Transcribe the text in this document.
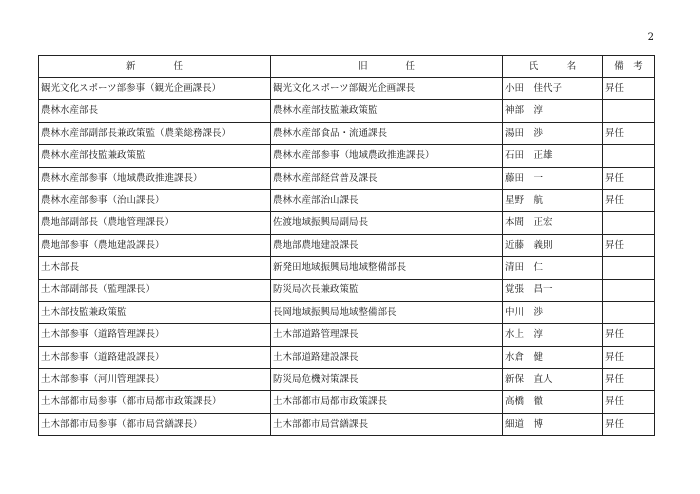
2
新　　　　任	旧　　　　任	氏　　　名	備　考
観光文化スポーツ部参事（観光企画課長）	観光文化スポーツ部観光企画課長	小田　佳代子	昇任
農林水産部長	農林水産部技監兼政策監	神部　淳	
農林水産部副部長兼政策監（農業総務課長）	農林水産部食品・流通課長	湯田　渉	昇任
農林水産部技監兼政策監	農林水産部参事（地域農政推進課長）	石田　正雄	
農林水産部参事（地域農政推進課長）	農林水産部経営普及課長	藤田　一	昇任
農林水産部参事（治山課長）	農林水産部治山課長	星野　航	昇任
農地部副部長（農地管理課長）	佐渡地域振興局副局長	本間　正宏	
農地部参事（農地建設課長）	農地部農地建設課長	近藤　義則	昇任
土木部長	新発田地域振興局地域整備部長	清田　仁	
土木部副部長（監理課長）	防災局次長兼政策監	覚張　昌一	
土木部技監兼政策監	長岡地域振興局地域整備部長	中川　渉	
土木部参事（道路管理課長）	土木部道路管理課長	水上　淳	昇任
土木部参事（道路建設課長）	土木部道路建設課長	水倉　健	昇任
土木部参事（河川管理課長）	防災局危機対策課長	新保　直人	昇任
土木部都市局参事（都市局都市政策課長）	土木部都市局都市政策課長	高橋　徹	昇任
土木部都市局参事（都市局営繕課長）	土木部都市局営繕課長	細道　博	昇任
